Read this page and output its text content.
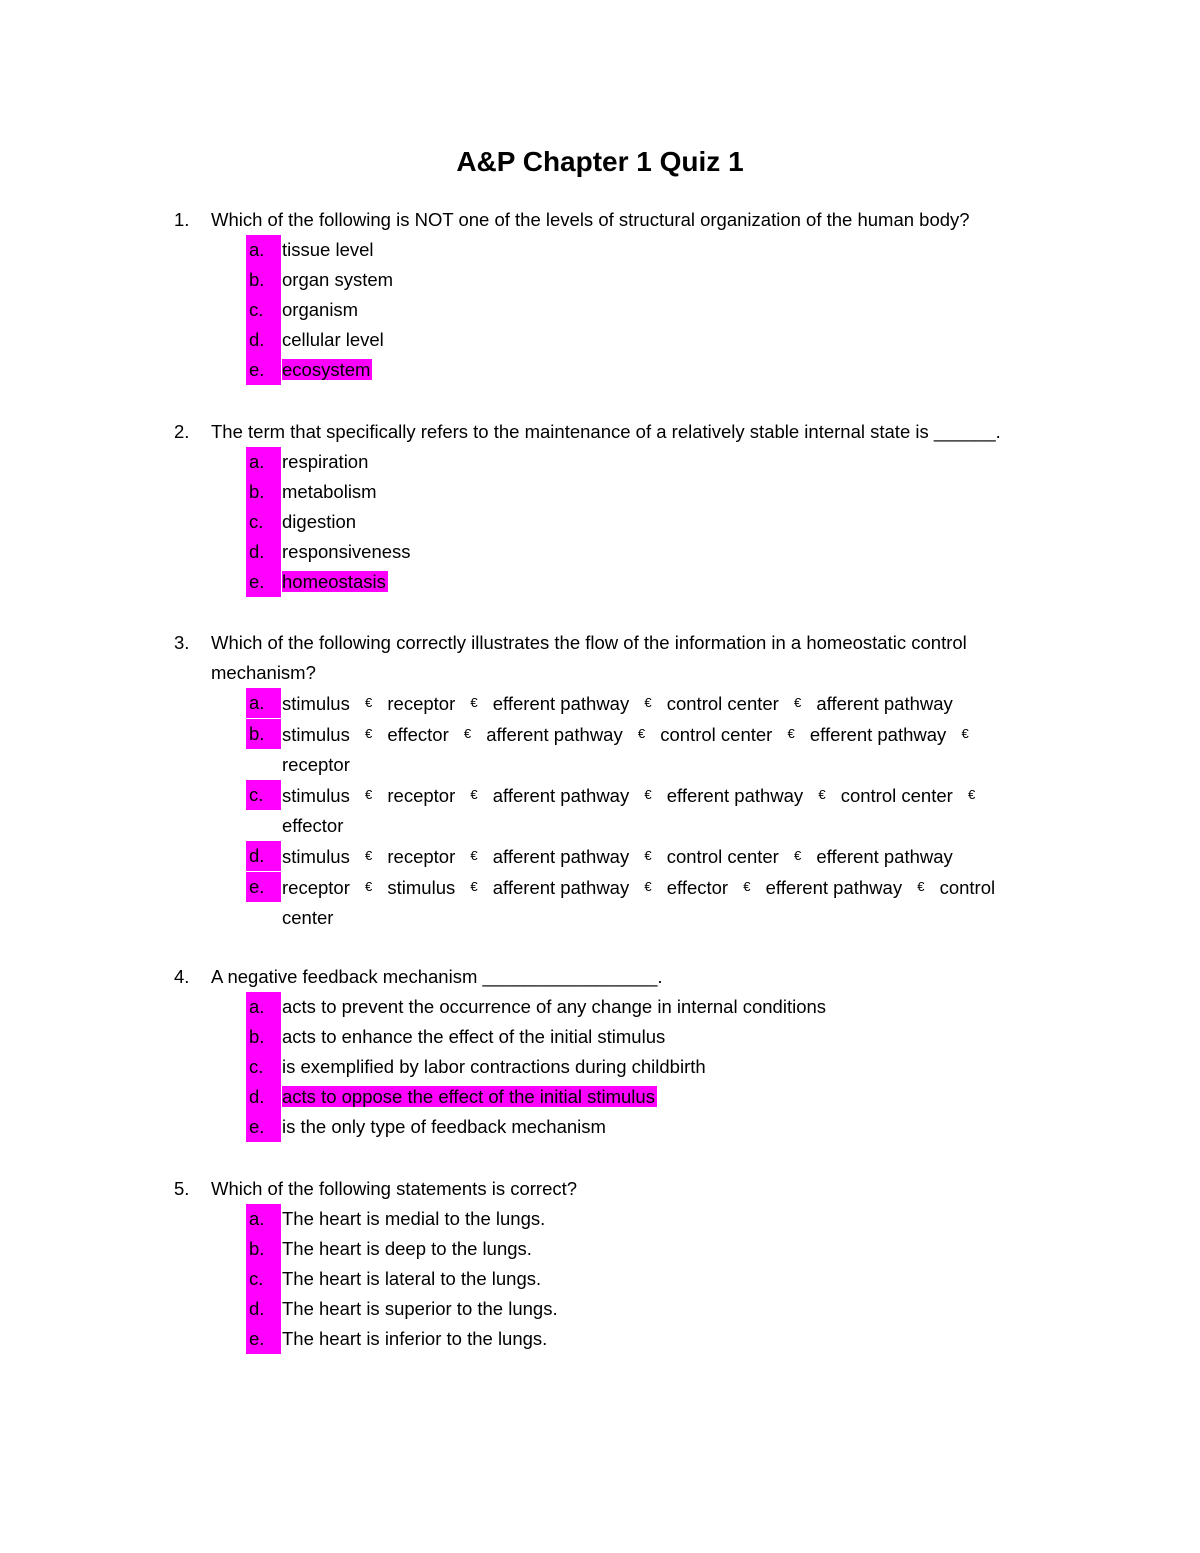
A&P Chapter 1 Quiz 1
1. Which of the following is NOT one of the levels of structural organization of the human body?
a. tissue level
b. organ system
c.	organism
d. cellular level
e. ecosystem
2. The term that specifically refers to the maintenance of a relatively stable internal state is ______.
a. respiration
b. metabolism
c.	digestion
d. responsiveness
e. homeostasis
3. Which of the following correctly illustrates the flow of the information in a homeostatic control mechanism?
a. stimulus € receptor € efferent pathway € control center € afferent pathway
b. stimulus € effector € afferent pathway € control center € efferent pathway € receptor
c.	stimulus € receptor € afferent pathway € efferent pathway € control center € effector
d. stimulus € receptor € afferent pathway € control center € efferent pathway
e. receptor € stimulus € afferent pathway € effector € efferent pathway € control center
4. A negative feedback mechanism _________________.
a. acts to prevent the occurrence of any change in internal conditions
b. acts to enhance the effect of the initial stimulus
c.	is exemplified by labor contractions during childbirth
d. acts to oppose the effect of the initial stimulus
e. is the only type of feedback mechanism
5. Which of the following statements is correct?
a. The heart is medial to the lungs.
b. The heart is deep to the lungs.
c.	The heart is lateral to the lungs.
d. The heart is superior to the lungs.
e. The heart is inferior to the lungs.
